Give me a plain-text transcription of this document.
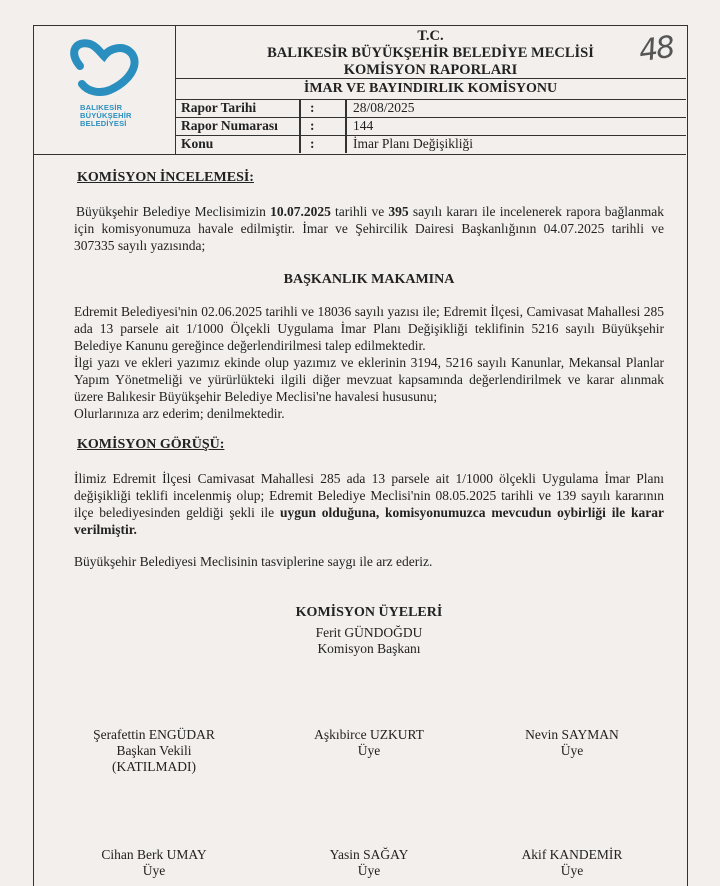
BALIKESİR
BÜYÜKŞEHİR
BELEDİYESİ
T.C.
BALIKESİR BÜYÜKŞEHİR BELEDİYE MECLİSİ
KOMİSYON RAPORLARI
48
İMAR VE BAYINDIRLIK KOMİSYONU
Rapor Tarihi	:	28/08/2025
Rapor Numarası :	144
Konu	:	İmar Planı Değişikliği
KOMİSYON İNCELEMESİ:
Büyükşehir Belediye Meclisimizin 10.07.2025 tarihli ve 395 sayılı kararı ile incelenerek rapora bağlanmak için komisyonumuza havale edilmiştir. İmar ve Şehircilik Dairesi Başkanlığının 04.07.2025 tarihli ve 307335 sayılı yazısında;
BAŞKANLIK MAKAMINA
Edremit Belediyesi'nin 02.06.2025 tarihli ve 18036 sayılı yazısı ile; Edremit İlçesi, Camivasat Mahallesi 285 ada 13 parsele ait 1/1000 Ölçekli Uygulama İmar Planı Değişikliği teklifinin 5216 sayılı Büyükşehir Belediye Kanunu gereğince değerlendirilmesi talep edilmektedir.
İlgi yazı ve ekleri yazımız ekinde olup yazımız ve eklerinin 3194, 5216 sayılı Kanunlar, Mekansal Planlar Yapım Yönetmeliği ve yürürlükteki ilgili diğer mevzuat kapsamında değerlendirilmek ve karar alınmak üzere Balıkesir Büyükşehir Belediye Meclisi'ne havalesi hususunu;
Olurlarınıza arz ederim; denilmektedir.
KOMİSYON GÖRÜŞÜ:
İlimiz Edremit İlçesi Camivasat Mahallesi 285 ada 13 parsele ait 1/1000 ölçekli Uygulama İmar Planı değişikliği teklifi incelenmiş olup; Edremit Belediye Meclisi'nin 08.05.2025 tarihli ve 139 sayılı kararının ilçe belediyesinden geldiği şekli ile uygun olduğuna, komisyonumuzca mevcudun oybirliği ile karar verilmiştir.
Büyükşehir Belediyesi Meclisinin tasviplerine saygı ile arz ederiz.
KOMİSYON ÜYELERİ
Ferit GÜNDOĞDU
Komisyon Başkanı
Şerafettin ENGÜDAR
Başkan Vekili
(KATILMADI)
Aşkıbirce UZKURT
Üye
Nevin SAYMAN
Üye
Cihan Berk UMAY
Üye
Yasin SAĞAY
Üye
Akif KANDEMİR
Üye
